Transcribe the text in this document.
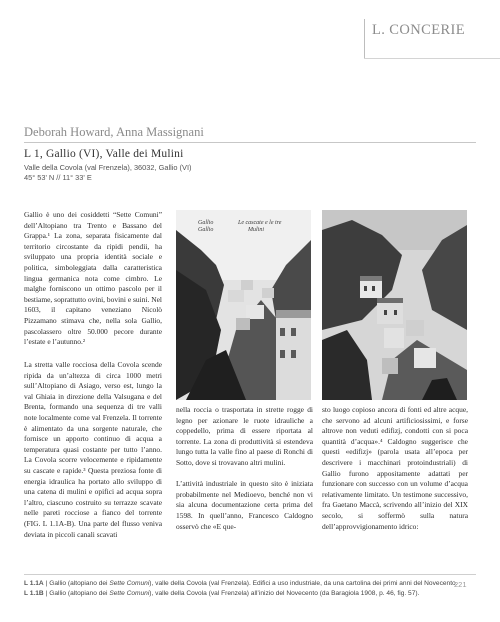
L. CONCERIE
Deborah Howard, Anna Massignani
L 1, Gallio (VI), Valle dei Mulini
Valle della Covola (val Frenzela), 36032, Gallio (VI)
45° 53' N // 11° 33' E

Gallio è uno dei cosiddetti “Sette Comuni” dell’Altopiano tra Trento e Bassano del Grappa.¹ La zona, separata fisicamente dal territorio circostante da ripidi pendii, ha sviluppato una propria identità sociale e politica, simboleggiata dalla caratteristica lingua germanica nota come cimbro. Le malghe forniscono un ottimo pascolo per il bestiame, soprattutto ovini, bovini e suini. Nel 1603, il capitano veneziano Nicolò Pizzamano stimava che, nella sola Gallio, pascolassero oltre 50.000 pecore durante l’estate e l’autunno.²

La stretta valle rocciosa della Covola scende ripida da un’altezza di circa 1000 metri sull’Altopiano di Asiago, verso est, lungo la val Ghiaia in direzione della Valsugana e del Brenta, formando una sequenza di tre valli note localmente come val Frenzela. Il torrente è alimentato da una sorgente naturale, che fornisce un apporto continuo di acqua a temperatura quasi costante per tutto l’anno. La Covola scorre velocemente e ripidamente su cascate e rapide.³ Questa preziosa fonte di energia idraulica ha portato allo sviluppo di una catena di mulini e opifici ad acqua sopra l’altro, ciascuno costruito su terrazze scavate nelle pareti rocciose a fianco del torrente (FIG. L 1.1A-B). Una parte del flusso veniva deviata in piccoli canali scavati

Gallio
Gallio
Le cascate e le tre
Mulini

nella roccia o trasportata in strette rogge di legno per azionare le ruote idrauliche a coppedello, prima di essere riportata al torrente. La zona di produttività si estendeva lungo tutta la valle fino al paese di Ronchi di Sotto, dove si trovavano altri mulini.

L’attività industriale in questo sito è iniziata probabilmente nel Medioevo, benché non vi sia alcuna documentazione certa prima del 1598. In quell’anno, Francesco Caldogno osservò che «E que-

sto luogo copioso ancora di fonti ed altre acque, che servono ad alcuni artificiosissimi, e forse altrove non veduti edifizj, condotti con si poca quantità d’acqua».⁴ Caldogno suggerisce che questi «edifizj» (parola usata all’epoca per descrivere i macchinari protoindustriali) di Gallio furono appositamente adattati per funzionare con successo con un volume d’acqua relativamente limitato. Un testimone successivo, fra Gaetano Maccà, scrivendo all’inizio del XIX secolo, si soffermò sulla natura dell’approvvigionamento idrico:

L 1.1A | Gallio (altopiano dei Sette Comuni), valle della Covola (val Frenzela). Edifici a uso industriale, da una cartolina dei primi anni del Novecento.
L 1.1B | Gallio (altopiano dei Sette Comuni), valle della Covola (val Frenzela) all’inizio del Novecento (da Baragiola 1908, p. 46, fig. 57).
221
